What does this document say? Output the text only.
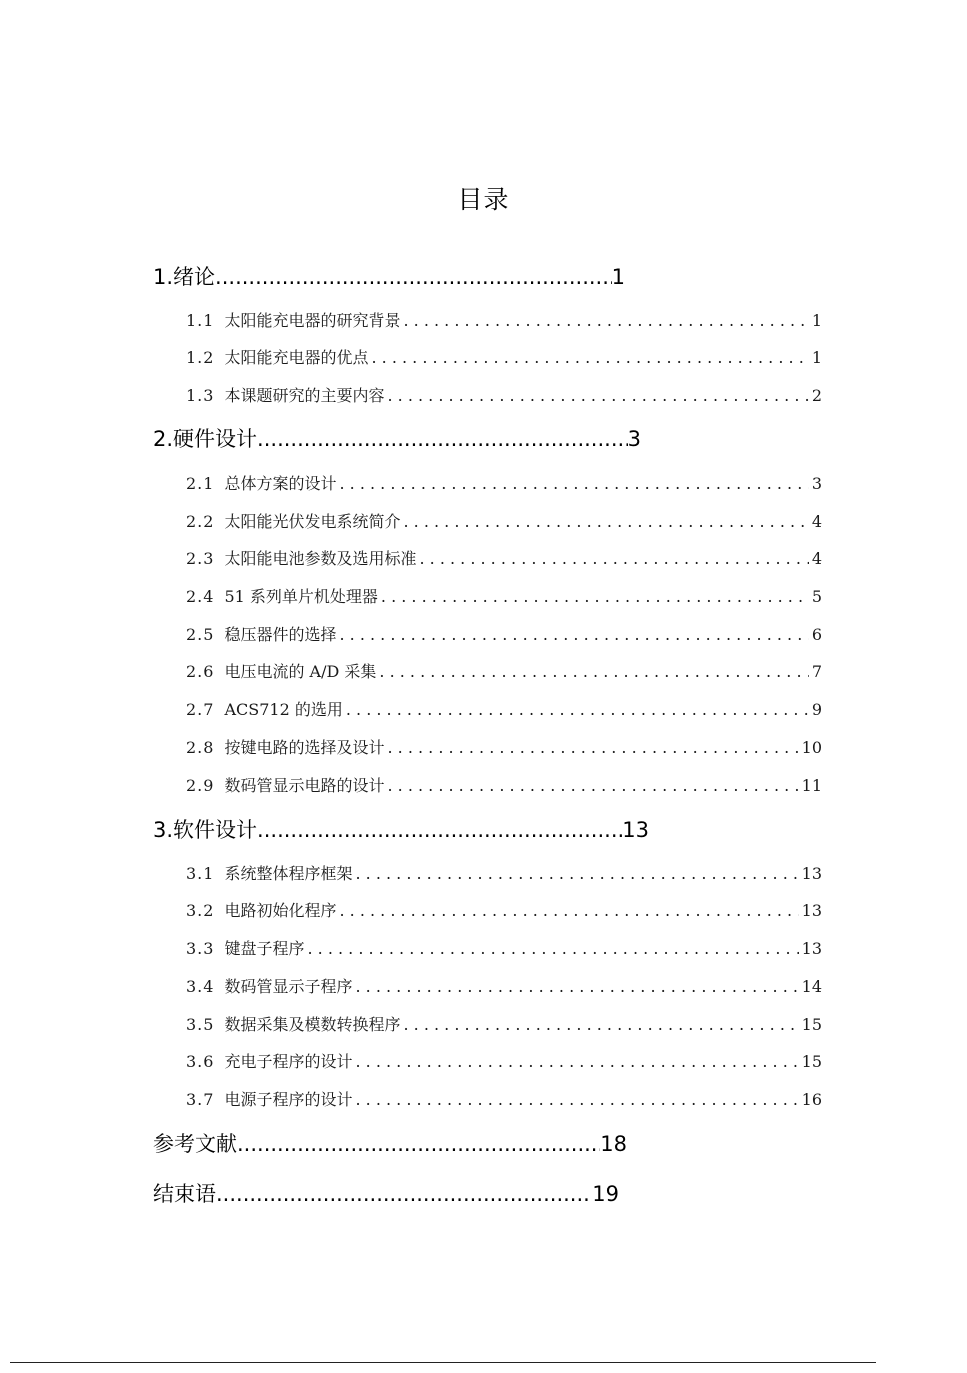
目录
1. 绪论 .....	1
1.1 太阳能充电器的研究背景 . . .	1
1.2 太阳能充电器的优点 . . .	1
1.3 本课题研究的主要内容 . . .	2
2. 硬件设计 .....	3
2.1 总体方案的设计 . . .	3
2.2 太阳能光伏发电系统简介 . . .	4
2.3 太阳能电池参数及选用标准 . . .	4
2.4 51 系列单片机处理器 . . .	5
2.5 稳压器件的选择 . . .	6
2.6 电压电流的 A/D 采集 . . .	7
2.7 ACS712 的选用 . . .	9
2.8 按键电路的选择及设计 . . .	10
2.9 数码管显示电路的设计 . . .	11
3. 软件设计 .....	13
3.1 系统整体程序框架 . . .	13
3.2 电路初始化程序 . . .	13
3.3 键盘子程序 . . .	13
3.4 数码管显示子程序 . . .	14
3.5 数据采集及模数转换程序 . . .	15
3.6 充电子程序的设计 . . .	15
3.7 电源子程序的设计 . . .	16
参考文献 .....	18
结束语 .....	19
